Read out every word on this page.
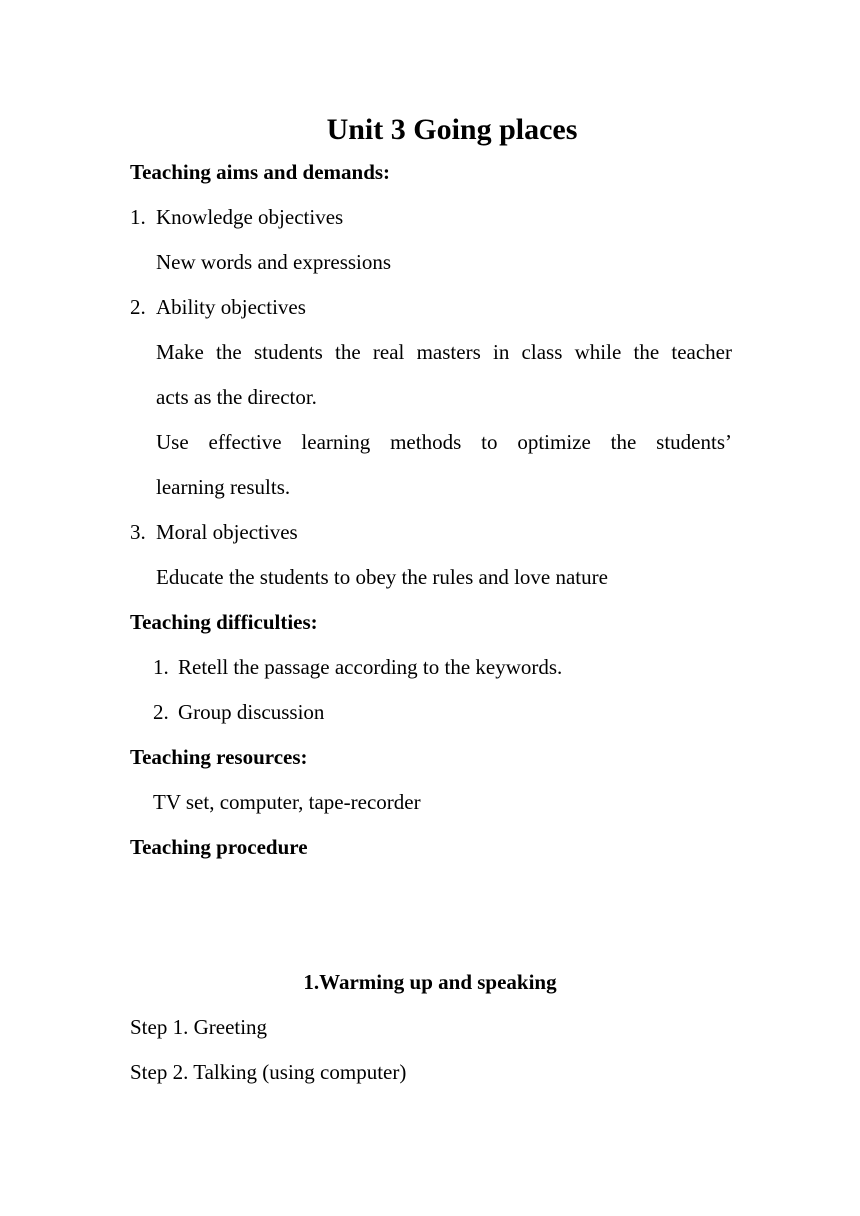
Unit 3 Going places
Teaching aims and demands:
1. Knowledge objectives
New words and expressions
2. Ability objectives
Make the students the real masters in class while the teacher
acts as the director.
Use effective learning methods to optimize the students’
learning results.
3. Moral objectives
Educate the students to obey the rules and love nature
Teaching difficulties:
1. Retell the passage according to the keywords.
2. Group discussion
Teaching resources:
TV set, computer, tape-recorder
Teaching procedure
1.Warming up and speaking
Step 1. Greeting
Step 2. Talking (using computer)
